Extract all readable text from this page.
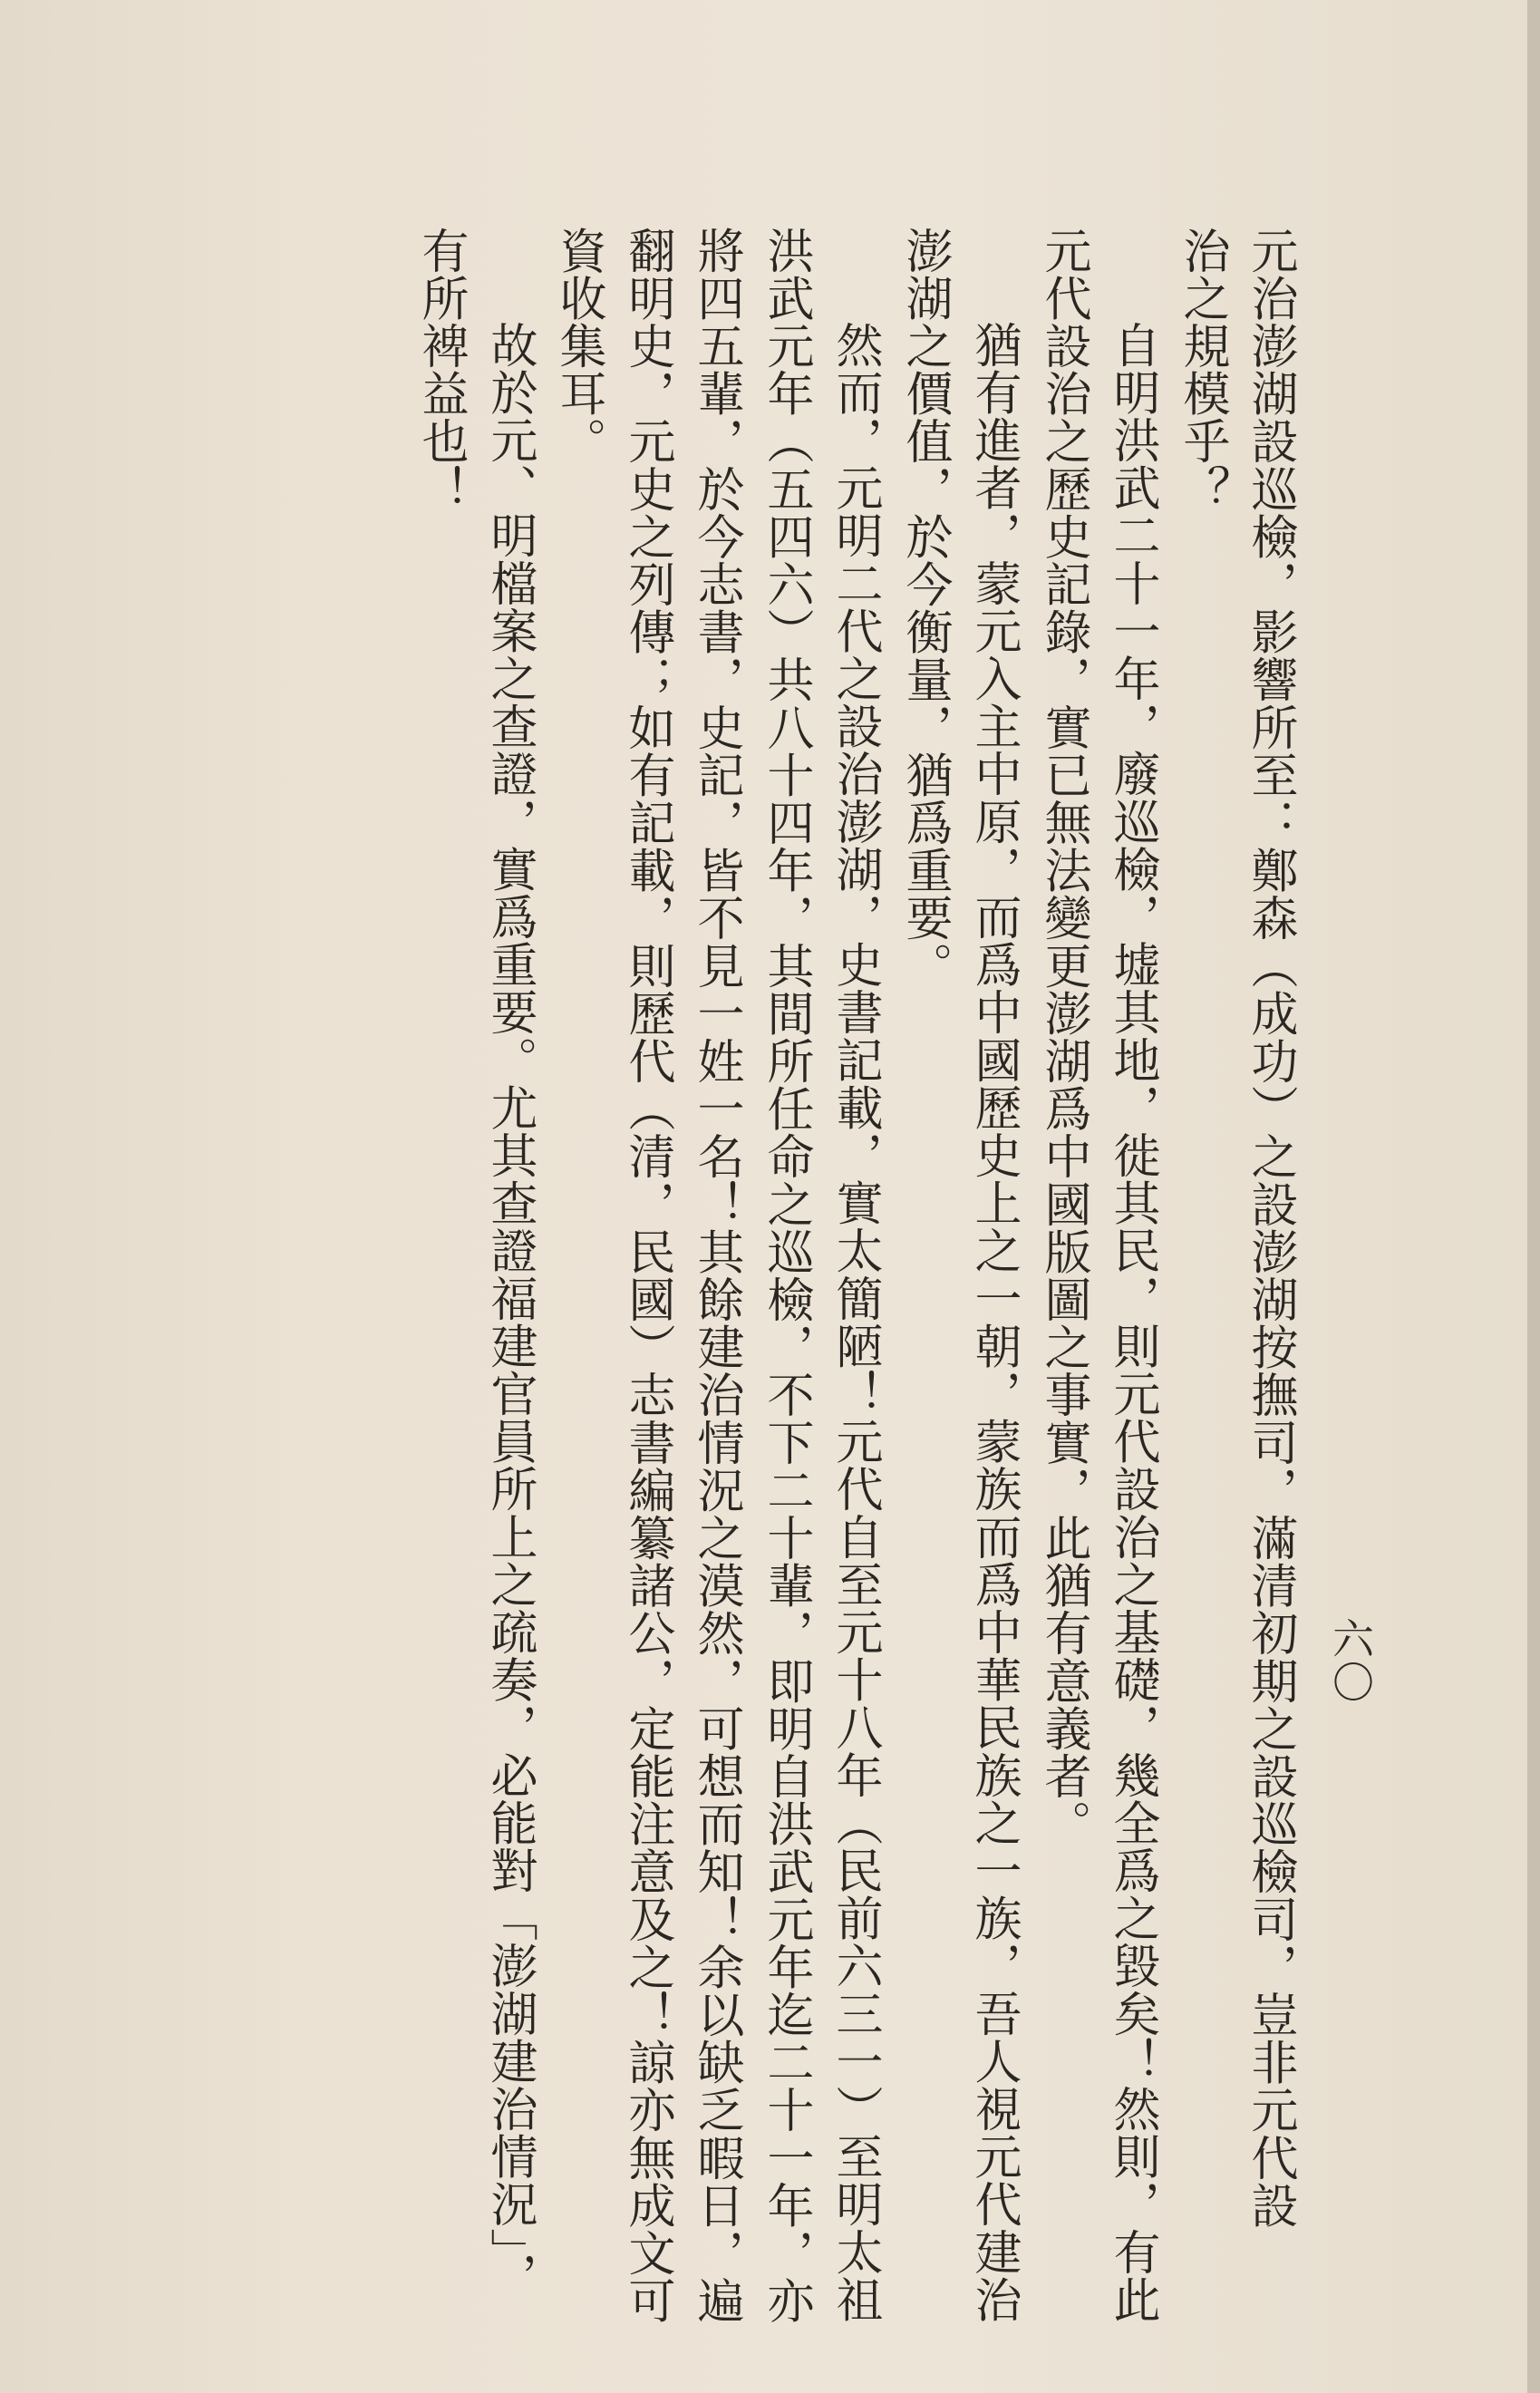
六〇
元治澎湖設巡檢，影響所至：鄭森（成功）之設澎湖按撫司，滿清初期之設巡檢司，豈非元代設
治之規模乎？
自明洪武二十一年，廢巡檢，墟其地，徙其民，則元代設治之基礎，幾全爲之毀矣！然則，有此
元代設治之歷史記錄，實已無法變更澎湖爲中國版圖之事實，此猶有意義者。
猶有進者，蒙元入主中原，而爲中國歷史上之一朝，蒙族而爲中華民族之一族，吾人視元代建治
澎湖之價值，於今衡量，猶爲重要。
然而，元明二代之設治澎湖，史書記載，實太簡陋！元代自至元十八年（民前六三一）至明太祖
洪武元年（五四六）共八十四年，其間所任命之巡檢，不下二十輩，即明自洪武元年迄二十一年，亦
將四五輩，於今志書，史記，皆不見一姓一名！其餘建治情況之漠然，可想而知！余以缺乏暇日，遍
翻明史，元史之列傳；如有記載，則歷代（清，民國）志書編纂諸公，定能注意及之！諒亦無成文可
資收集耳。
故於元、明檔案之查證，實爲重要。尤其查證福建官員所上之疏奏，必能對「澎湖建治情況」，
有所裨益也！
